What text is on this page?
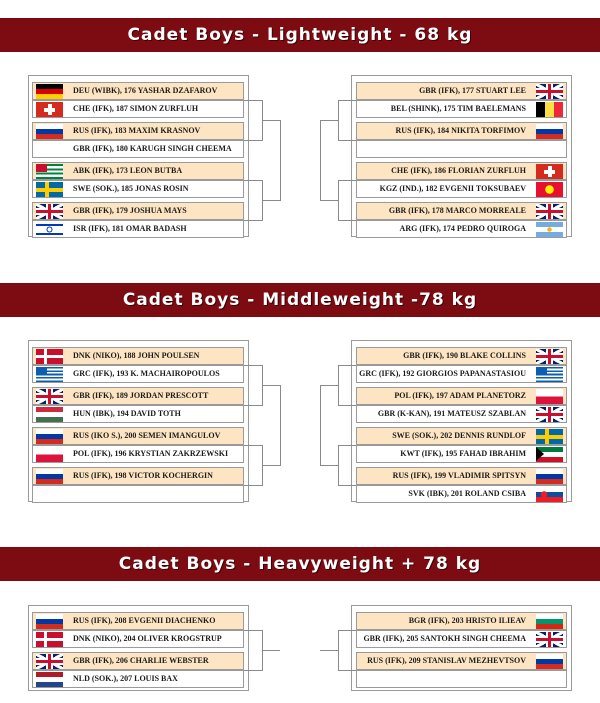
Cadet Boys - Lightweight - 68 kg
DEU (WIBK), 176 YASHAR DZAFAROV
CHE (IFK), 187 SIMON ZURFLUH
RUS (IFK), 183 MAXIM KRASNOV
GBR (IFK), 180 KARUGH SINGH CHEEMA
ABK (IFK), 173 LEON BUTBA
SWE (SOK.), 185 JONAS ROSIN
GBR (IFK), 179 JOSHUA MAYS
ISR (IFK), 181 OMAR BADASH
GBR (IFK), 177 STUART LEE
BEL (SHINK), 175 TIM BAELEMANS
RUS (IFK), 184 NIKITA TORFIMOV
CHE (IFK), 186 FLORIAN ZURFLUH
KGZ (IND.), 182 EVGENII TOKSUBAEV
GBR (IFK), 178 MARCO MORREALE
ARG (IFK), 174 PEDRO QUIROGA
Cadet Boys - Middleweight -78 kg
DNK (NIKO), 188 JOHN POULSEN
GRC (IFK), 193 K. MACHAIROPOULOS
GBR (IFK), 189 JORDAN PRESCOTT
HUN (IBK), 194 DAVID TOTH
RUS (IKO S.), 200 SEMEN IMANGULOV
POL (IFK), 196 KRYSTIAN ZAKRZEWSKI
RUS (IFK), 198 VICTOR KOCHERGIN
GBR (IFK), 190 BLAKE COLLINS
GRC (IFK), 192 GIORGIOS PAPANASTASIOU
POL (IFK), 197 ADAM PLANETORZ
GBR (K-KAN), 191 MATEUSZ SZABLAN
SWE (SOK.), 202 DENNIS RUNDLOF
KWT (IFK), 195 FAHAD IBRAHIM
RUS (IFK), 199 VLADIMIR SPITSYN
SVK (IBK), 201 ROLAND CSIBA
Cadet Boys - Heavyweight + 78 kg
RUS (IFK), 208 EVGENII DIACHENKO
DNK (NIKO), 204 OLIVER KROGSTRUP
GBR (IFK), 206 CHARLIE WEBSTER
NLD (SOK.), 207 LOUIS BAX
BGR (IFK), 203 HRISTO ILIEAV
GBR (IFK), 205 SANTOKH SINGH CHEEMA
RUS (IFK), 209 STANISLAV MEZHEVTSOV
